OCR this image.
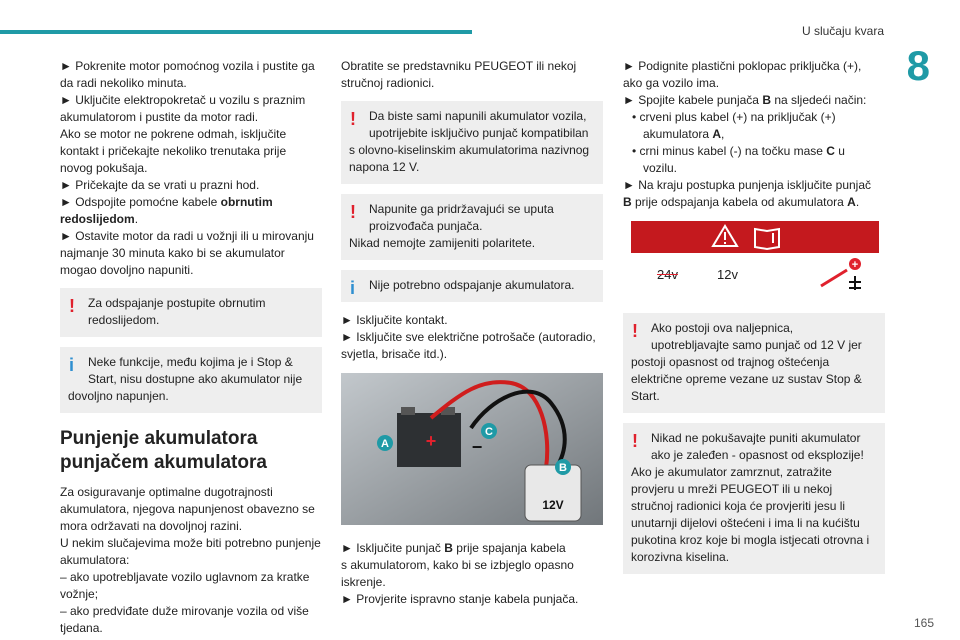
U slučaju kvara
8

► Pokrenite motor pomoćnog vozila i pustite ga
da radi nekoliko minuta.
► Uključite elektropokretač u vozilu s praznim
akumulatorom i pustite da motor radi.
Ako se motor ne pokrene odmah, isključite
kontakt i pričekajte nekoliko trenutaka prije
novog pokušaja.
► Pričekajte da se vrati u prazni hod.
► Odspojite pomoćne kabele obrnutim
redoslijedom.
► Ostavite motor da radi u vožnji ili u mirovanju
najmanje 30 minuta kako bi se akumulator
mogao dovoljno napuniti.

!	Za odspajanje postupite obrnutim
redoslijedom.
i	Neke funkcije, među kojima je i Stop &
Start, nisu dostupne ako akumulator nije
dovoljno napunjen.
Punjenje akumulatora
punjačem akumulatora

Za osiguravanje optimalne dugotrajnosti
akumulatora, njegova napunjenost obavezno se
mora održavati na dovoljnoj razini.
U nekim slučajevima može biti potrebno punjenje
akumulatora:
– ako upotrebljavate vozilo uglavnom za kratke
vožnje;
– ako predviđate duže mirovanje vozila od više
tjedana.

Obratite se predstavniku PEUGEOT ili nekoj
stručnoj radionici.

!	Da biste sami napunili akumulator vozila,
upotrijebite isključivo punjač kompatibilan
s olovno-kiselinskim akumulatorima nazivnog
napona 12 V.
!	Napunite ga pridržavajući se uputa
proizvođača punjača.
Nikad nemojte zamijeniti polaritete.
i	Nije potrebno odspajanje akumulatora.

► Isključite kontakt.
► Isključite sve električne potrošače (autoradio,
svjetla, brisače itd.).

A + −
C
B
12V

► Isključite punjač B prije spajanja kabela
s akumulatorom, kako bi se izbjeglo opasno
iskrenje.
► Provjerite ispravno stanje kabela punjača.

► Podignite plastični poklopac priključka (+),
ako ga vozilo ima.
► Spojite kabele punjača B na sljedeći način:
• crveni plus kabel (+) na priključak (+)
akumulatora A,
• crni minus kabel (-) na točku mase C u
vozilu.
► Na kraju postupka punjenja isključite punjač
B prije odspajanja kabela od akumulatora A.

24v	12v
+
!	Ako postoji ova naljepnica,
upotrebljavajte samo punjač od 12 V jer
postoji opasnost od trajnog oštećenja
električne opreme vezane uz sustav Stop &
Start.
!	Nikad ne pokušavajte puniti akumulator
ako je zaleđen - opasnost od eksplozije!
Ako je akumulator zamrznut, zatražite
provjeru u mreži PEUGEOT ili u nekoj
stručnoj radionici koja će provjeriti jesu li
unutarnji dijelovi oštećeni i ima li na kućištu
pukotina kroz koje bi mogla istjecati otrovna i
korozivna kiselina.
165
